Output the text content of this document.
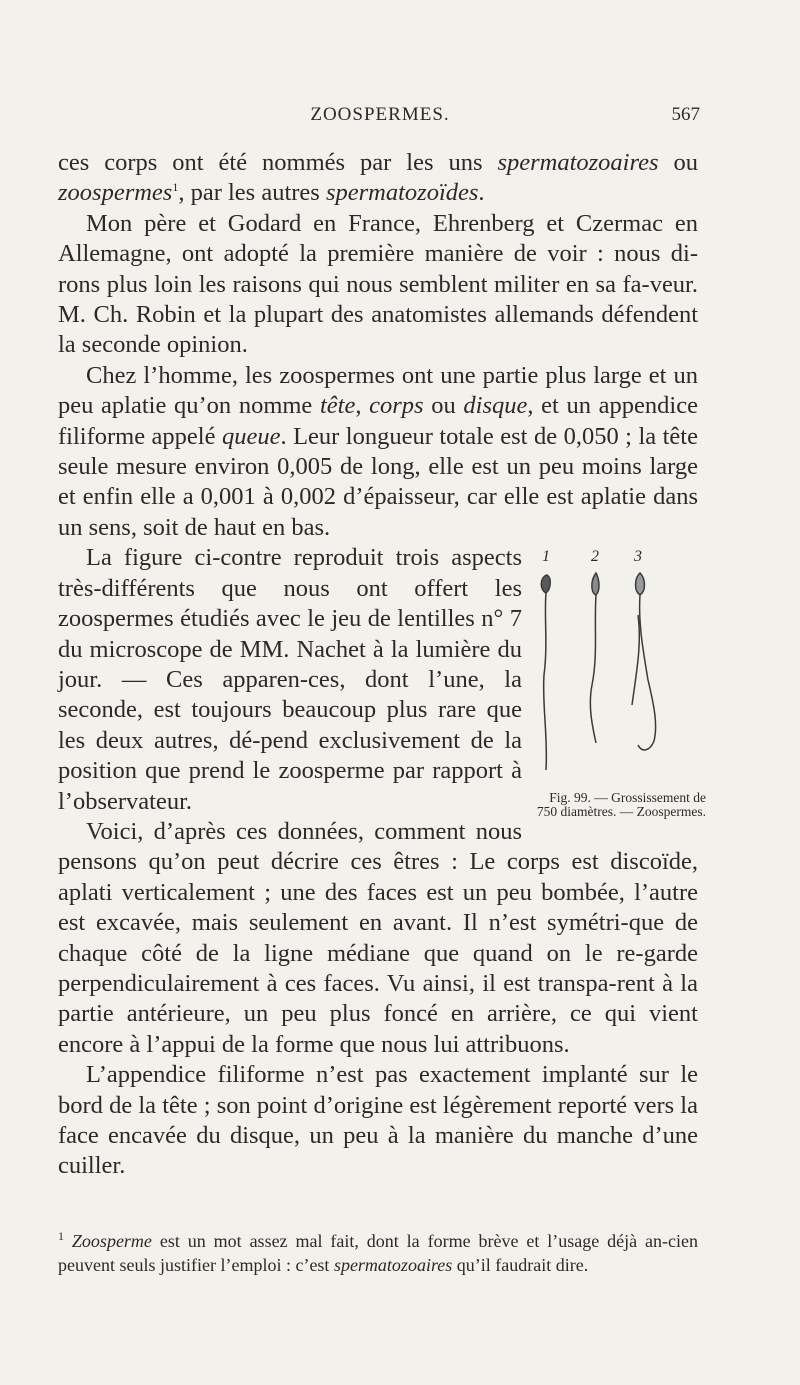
ZOOSPERMES.	567

ces corps ont été nommés par les uns spermatozoaires ou zoospermes$^1$, par les autres spermatozoïdes.

Mon père et Godard en France, Ehrenberg et Czermac en Allemagne, ont adopté la première manière de voir : nous di-rons plus loin les raisons qui nous semblent militer en sa fa-veur. M. Ch. Robin et la plupart des anatomistes allemands défendent la seconde opinion.

Chez l’homme, les zoospermes ont une partie plus large et un peu aplatie qu’on nomme tête, corps ou disque, et un appendice filiforme appelé queue. Leur longueur totale est de 0,050 ; la tête seule mesure environ 0,005 de long, elle est un peu moins large et enfin elle a 0,001 à 0,002 d’épaisseur, car elle est aplatie dans un sens, soit de haut en bas.

1	2 3
Fig. 99. — Grossissement de 750 diamètres. — Zoospermes.
La figure ci-contre reproduit trois aspects très-différents que nous ont offert les zoospermes étudiés avec le jeu de lentilles n° 7 du microscope de MM. Nachet à la lumière du jour. — Ces apparen-ces, dont l’une, la seconde, est toujours beaucoup plus rare que les deux autres, dé-pend exclusivement de la position que prend le zoosperme par rapport à l’observateur.

Voici, d’après ces données, comment nous pensons qu’on peut décrire ces êtres : Le corps est discoïde, aplati verticalement ; une des faces est un peu bombée, l’autre est excavée, mais seulement en avant. Il n’est symétri-que de chaque côté de la ligne médiane que quand on le re-garde perpendiculairement à ces faces. Vu ainsi, il est transpa-rent à la partie antérieure, un peu plus foncé en arrière, ce qui vient encore à l’appui de la forme que nous lui attribuons.

L’appendice filiforme n’est pas exactement implanté sur le bord de la tête ; son point d’origine est légèrement reporté vers la face encavée du disque, un peu à la manière du manche d’une cuiller.

$^1$ Zoosperme est un mot assez mal fait, dont la forme brève et l’usage déjà an-cien peuvent seuls justifier l’emploi : c’est spermatozoaires qu’il faudrait dire.
